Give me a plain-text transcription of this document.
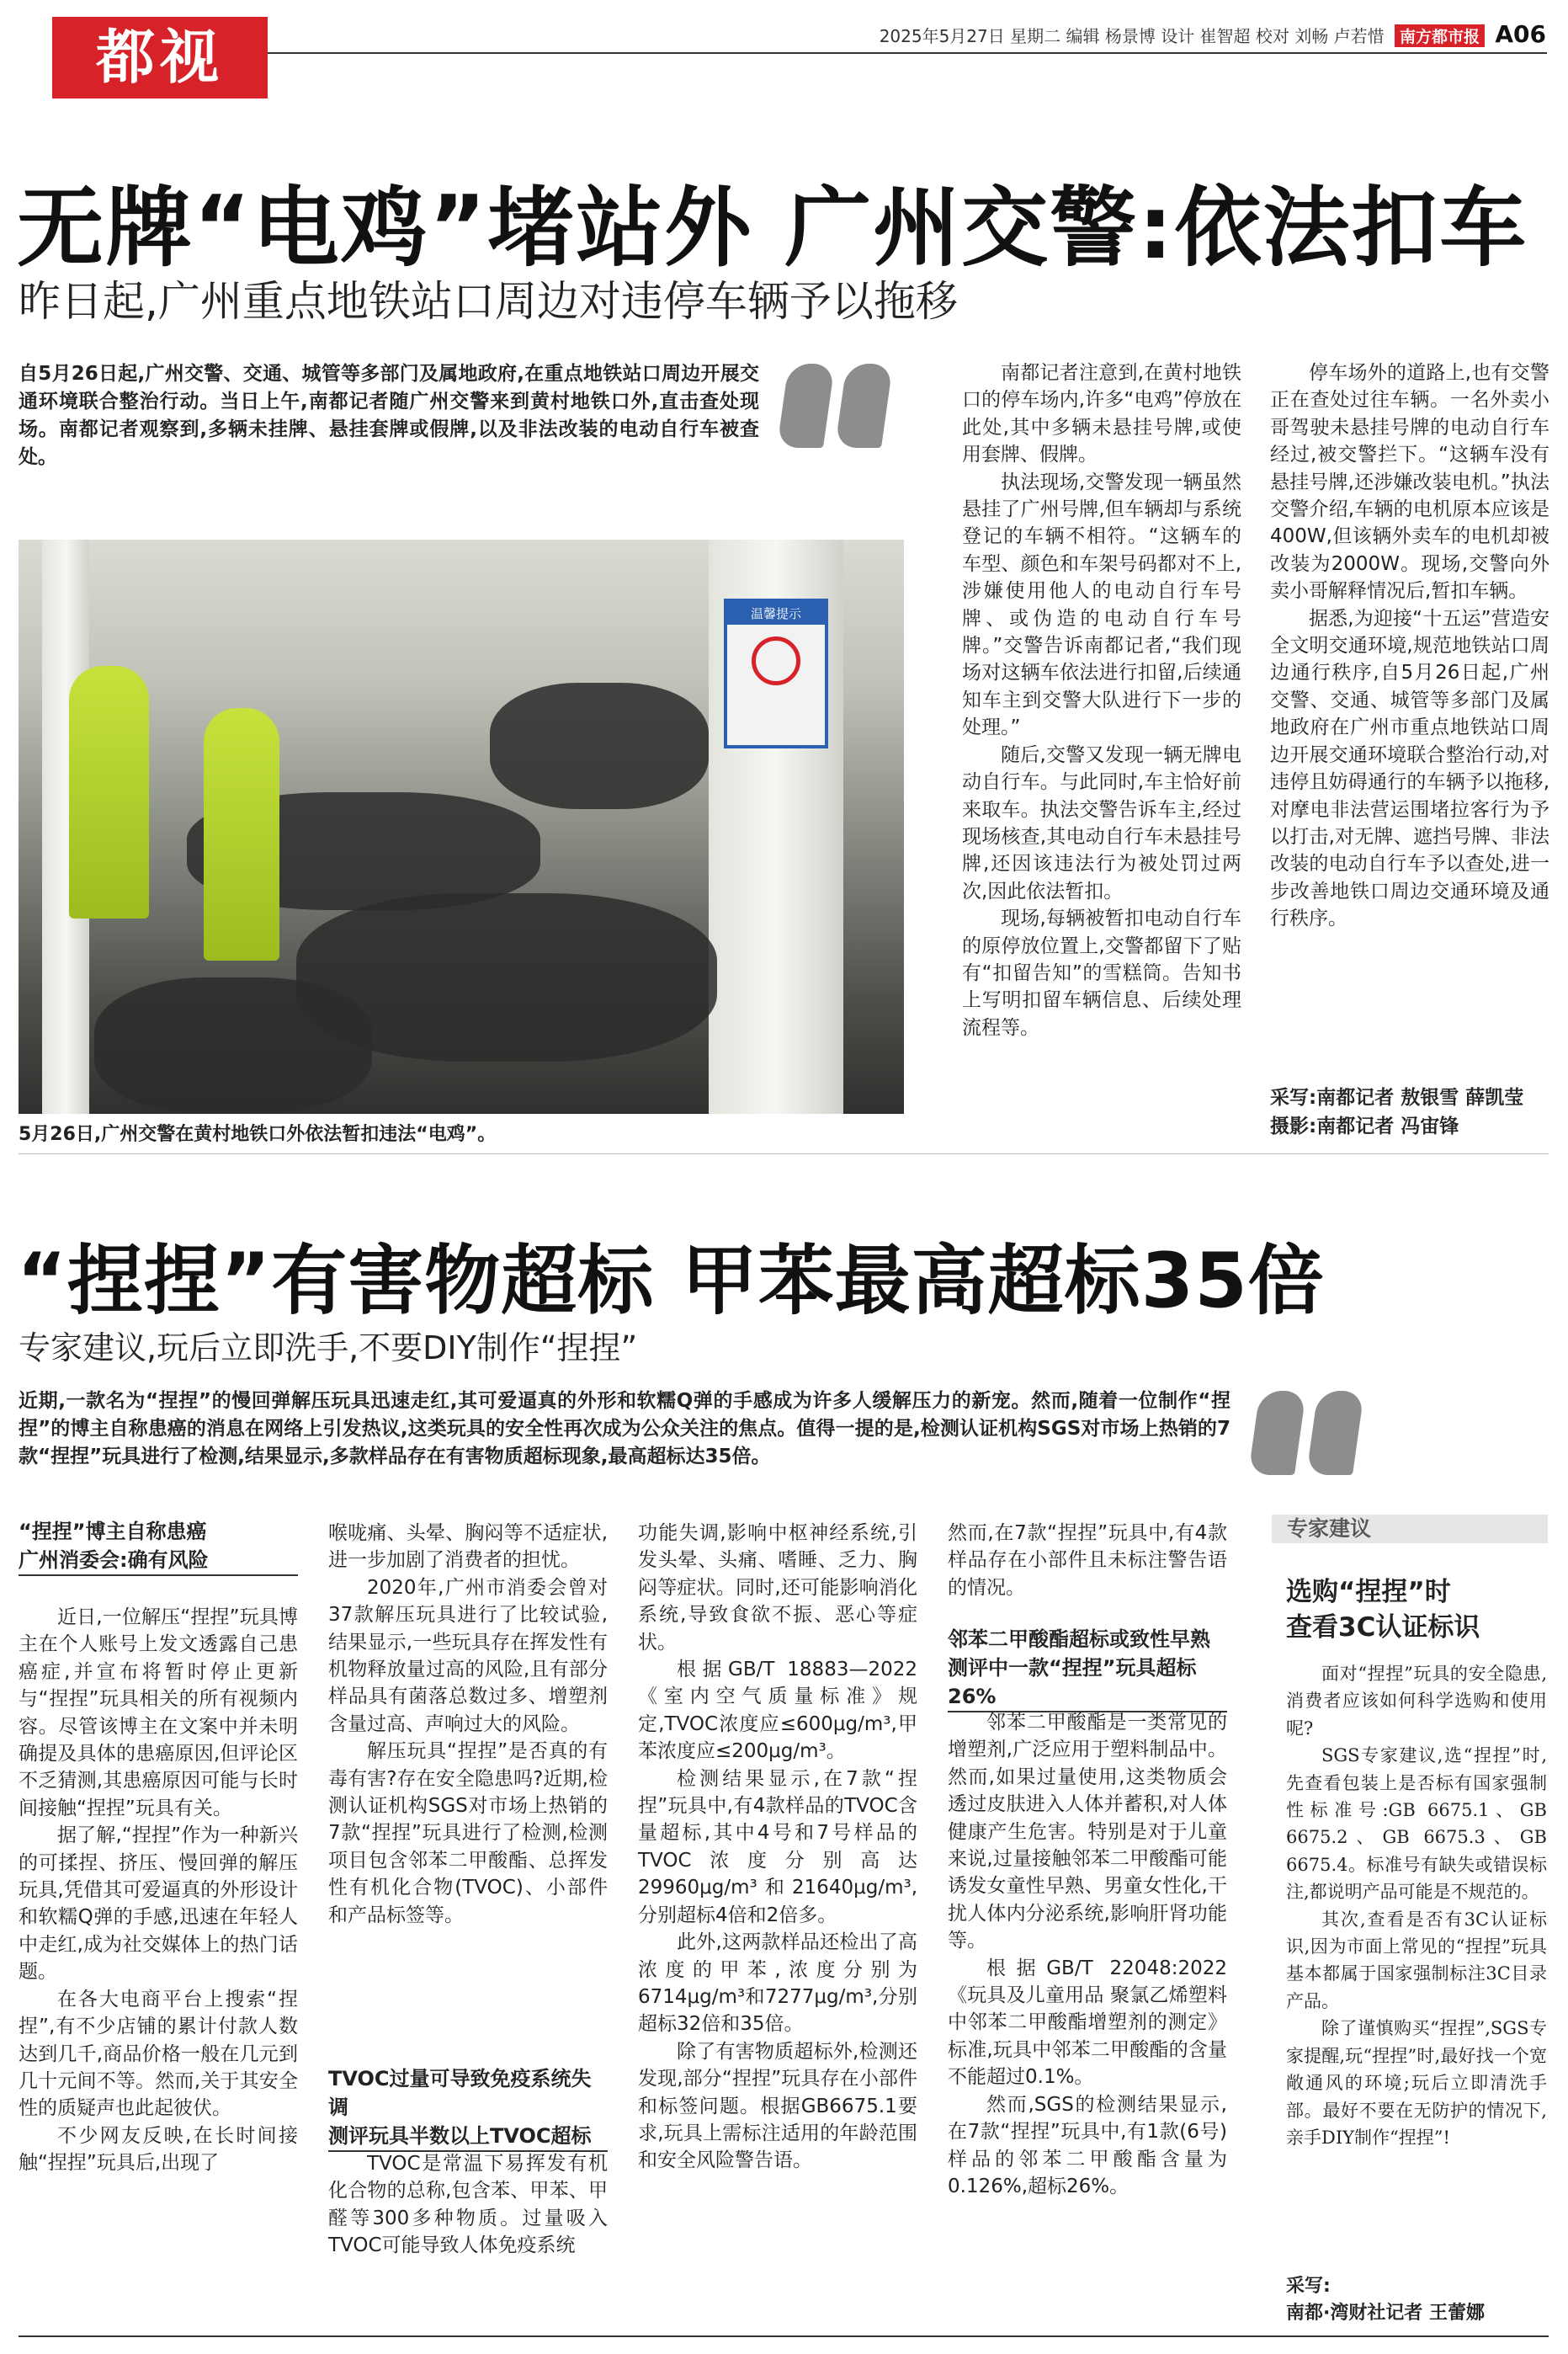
都视	2025年5月27日 星期二 编辑 杨景博 设计 崔智超 校对 刘畅 卢若惜 南方都市报 A06
无牌“电鸡”堵站外 广州交警:依法扣车
昨日起,广州重点地铁站口周边对违停车辆予以拖移
自5月26日起,广州交警、交通、城管等多部门及属地政府,在重点地铁站口周边开展交通环境联合整治行动。当日上午,南都记者随广州交警来到黄村地铁口外,直击查处现场。南都记者观察到,多辆未挂牌、悬挂套牌或假牌,以及非法改装的电动自行车被查处。
温馨提示
5月26日,广州交警在黄村地铁口外依法暂扣违法“电鸡”。

南都记者注意到,在黄村地铁口的停车场内,许多“电鸡”停放在此处,其中多辆未悬挂号牌,或使用套牌、假牌。

执法现场,交警发现一辆虽然悬挂了广州号牌,但车辆却与系统登记的车辆不相符。“这辆车的车型、颜色和车架号码都对不上,涉嫌使用他人的电动自行车号牌、或伪造的电动自行车号牌。”交警告诉南都记者,“我们现场对这辆车依法进行扣留,后续通知车主到交警大队进行下一步的处理。”

随后,交警又发现一辆无牌电动自行车。与此同时,车主恰好前来取车。执法交警告诉车主,经过现场核查,其电动自行车未悬挂号牌,还因该违法行为被处罚过两次,因此依法暂扣。

现场,每辆被暂扣电动自行车的原停放位置上,交警都留下了贴有“扣留告知”的雪糕筒。告知书上写明扣留车辆信息、后续处理流程等。

停车场外的道路上,也有交警正在查处过往车辆。一名外卖小哥驾驶未悬挂号牌的电动自行车经过,被交警拦下。“这辆车没有悬挂号牌,还涉嫌改装电机。”执法交警介绍,车辆的电机原本应该是400W,但该辆外卖车的电机却被改装为2000W。现场,交警向外卖小哥解释情况后,暂扣车辆。

据悉,为迎接“十五运”营造安全文明交通环境,规范地铁站口周边通行秩序,自5月26日起,广州交警、交通、城管等多部门及属地政府在广州市重点地铁站口周边开展交通环境联合整治行动,对违停且妨碍通行的车辆予以拖移,对摩电非法营运围堵拉客行为予以打击,对无牌、遮挡号牌、非法改装的电动自行车予以查处,进一步改善地铁口周边交通环境及通行秩序。

采写:南都记者 敖银雪 薛凯莹
摄影:南都记者 冯宙锋
“捏捏”有害物超标 甲苯最高超标35倍
专家建议,玩后立即洗手,不要DIY制作“捏捏”
近期,一款名为“捏捏”的慢回弹解压玩具迅速走红,其可爱逼真的外形和软糯Q弹的手感成为许多人缓解压力的新宠。然而,随着一位制作“捏捏”的博主自称患癌的消息在网络上引发热议,这类玩具的安全性再次成为公众关注的焦点。值得一提的是,检测认证机构SGS对市场上热销的7款“捏捏”玩具进行了检测,结果显示,多款样品存在有害物质超标现象,最高超标达35倍。
“捏捏”博主自称患癌
广州消委会:确有风险

近日,一位解压“捏捏”玩具博主在个人账号上发文透露自己患癌症,并宣布将暂时停止更新与“捏捏”玩具相关的所有视频内容。尽管该博主在文案中并未明确提及具体的患癌原因,但评论区不乏猜测,其患癌原因可能与长时间接触“捏捏”玩具有关。

据了解,“捏捏”作为一种新兴的可揉捏、挤压、慢回弹的解压玩具,凭借其可爱逼真的外形设计和软糯Q弹的手感,迅速在年轻人中走红,成为社交媒体上的热门话题。

在各大电商平台上搜索“捏捏”,有不少店铺的累计付款人数达到几千,商品价格一般在几元到几十元间不等。然而,关于其安全性的质疑声也此起彼伏。

不少网友反映,在长时间接触“捏捏”玩具后,出现了

喉咙痛、头晕、胸闷等不适症状,进一步加剧了消费者的担忧。

2020年,广州市消委会曾对37款解压玩具进行了比较试验,结果显示,一些玩具存在挥发性有机物释放量过高的风险,且有部分样品具有菌落总数过多、增塑剂含量过高、声响过大的风险。

解压玩具“捏捏”是否真的有毒有害?存在安全隐患吗?近期,检测认证机构SGS对市场上热销的7款“捏捏”玩具进行了检测,检测项目包含邻苯二甲酸酯、总挥发性有机化合物(TVOC)、小部件和产品标签等。

TVOC过量可导致免疫系统失调
测评玩具半数以上TVOC超标

TVOC是常温下易挥发有机化合物的总称,包含苯、甲苯、甲醛等300多种物质。过量吸入TVOC可能导致人体免疫系统

功能失调,影响中枢神经系统,引发头晕、头痛、嗜睡、乏力、胸闷等症状。同时,还可能影响消化系统,导致食欲不振、恶心等症状。

根据GB/T 18883—2022《室内空气质量标准》规定,TVOC浓度应≤600μg/m³,甲苯浓度应≤200μg/m³。

检测结果显示,在7款“捏捏”玩具中,有4款样品的TVOC含量超标,其中4号和7号样品的TVOC浓度分别高达29960μg/m³和21640μg/m³,分别超标4倍和2倍多。

此外,这两款样品还检出了高浓度的甲苯,浓度分别为6714μg/m³和7277μg/m³,分别超标32倍和35倍。

除了有害物质超标外,检测还发现,部分“捏捏”玩具存在小部件和标签问题。根据GB6675.1要求,玩具上需标注适用的年龄范围和安全风险警告语。

然而,在7款“捏捏”玩具中,有4款样品存在小部件且未标注警告语的情况。

邻苯二甲酸酯超标或致性早熟
测评中一款“捏捏”玩具超标26%

邻苯二甲酸酯是一类常见的增塑剂,广泛应用于塑料制品中。然而,如果过量使用,这类物质会透过皮肤进入人体并蓄积,对人体健康产生危害。特别是对于儿童来说,过量接触邻苯二甲酸酯可能诱发女童性早熟、男童女性化,干扰人体内分泌系统,影响肝肾功能等。

根据GB/T 22048:2022《玩具及儿童用品 聚氯乙烯塑料中邻苯二甲酸酯增塑剂的测定》标准,玩具中邻苯二甲酸酯的含量不能超过0.1%。

然而,SGS的检测结果显示,在7款“捏捏”玩具中,有1款(6号)样品的邻苯二甲酸酯含量为0.126%,超标26%。

专家建议
选购“捏捏”时
查看3C认证标识

面对“捏捏”玩具的安全隐患,消费者应该如何科学选购和使用呢?

SGS专家建议,选“捏捏”时,先查看包装上是否标有国家强制性标准号:GB 6675.1、GB 6675.2、GB 6675.3、GB 6675.4。标准号有缺失或错误标注,都说明产品可能是不规范的。

其次,查看是否有3C认证标识,因为市面上常见的“捏捏”玩具基本都属于国家强制标注3C目录产品。

除了谨慎购买“捏捏”,SGS专家提醒,玩“捏捏”时,最好找一个宽敞通风的环境;玩后立即清洗手部。最好不要在无防护的情况下,亲手DIY制作“捏捏”!

采写:
南都·湾财社记者 王蕾娜
